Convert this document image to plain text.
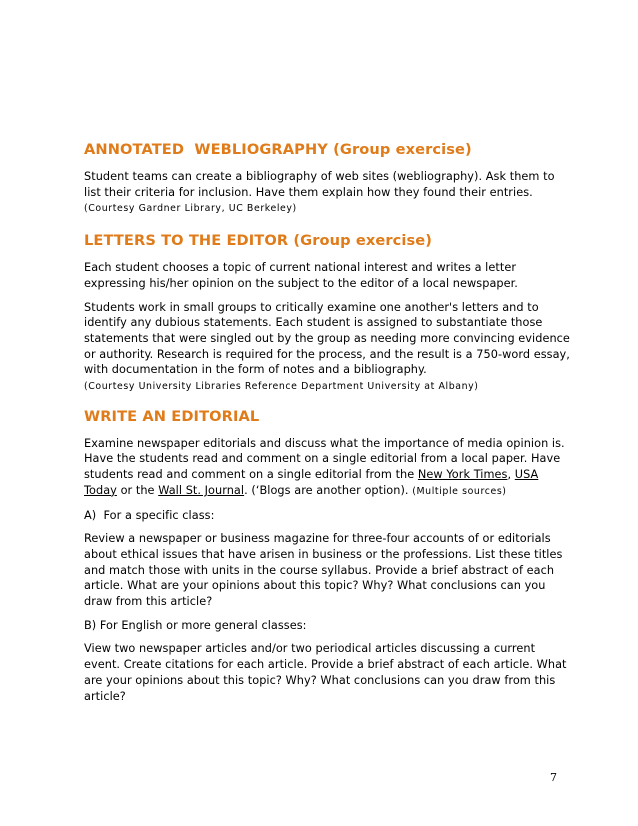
ANNOTATED  WEBLIOGRAPHY (Group exercise)

Student teams can create a bibliography of web sites (webliography). Ask them to list their criteria for inclusion. Have them explain how they found their entries.
(Courtesy Gardner Library, UC Berkeley)

LETTERS TO THE EDITOR (Group exercise)

Each student chooses a topic of current national interest and writes a letter expressing his/her opinion on the subject to the editor of a local newspaper.

Students work in small groups to critically examine one another's letters and to identify any dubious statements. Each student is assigned to substantiate those statements that were singled out by the group as needing more convincing evidence or authority. Research is required for the process, and the result is a 750-word essay, with documentation in the form of notes and a bibliography.
(Courtesy University Libraries Reference Department University at Albany)

WRITE AN EDITORIAL

Examine newspaper editorials and discuss what the importance of media opinion is. Have the students read and comment on a single editorial from a local paper. Have students read and comment on a single editorial from the New York Times, USA Today or the Wall St. Journal. (‘Blogs are another option). (Multiple sources)

A)  For a specific class:

Review a newspaper or business magazine for three-four accounts of or editorials about ethical issues that have arisen in business or the professions. List these titles and match those with units in the course syllabus. Provide a brief abstract of each article. What are your opinions about this topic? Why? What conclusions can you draw from this article?

B) For English or more general classes:

View two newspaper articles and/or two periodical articles discussing a current event. Create citations for each article. Provide a brief abstract of each article. What are your opinions about this topic? Why? What conclusions can you draw from this article?

7
